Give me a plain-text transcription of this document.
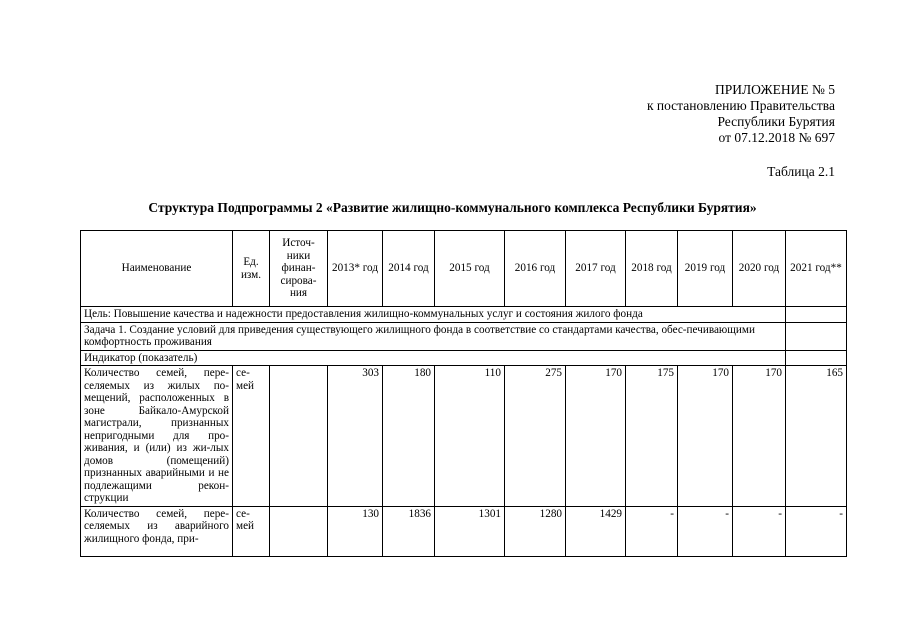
ПРИЛОЖЕНИЕ № 5
к постановлению Правительства
Республики Бурятия
от 07.12.2018 № 697
Таблица 2.1
Структура Подпрограммы 2 «Развитие жилищно-коммунального комплекса Республики Бурятия»
Наименование	Ед. изм.	Источ-ники финан-сирова-ния	2013* год	2014 год	2015 год	2016 год	2017 год	2018 год	2019 год	2020 год	2021 год**
Цель: Повышение качества и надежности предоставления жилищно-коммунальных услуг и состояния жилого фонда											
Задача 1. Создание условий для приведения существующего жилищного фонда в соответствие со стандартами качества, обес-печивающими комфортность проживания											
Индикатор (показатель)											
Количество семей, пере-селяемых из жилых по-мещений, расположенных в зоне Байкало-Амурской магистрали, признанных непригодными для про-живания, и (или) из жи-лых домов (помещений) признанных аварийными и не подлежащими рекон-струкции	се-мей		303	180	110	275	170	175	170	170	165
Количество семей, пере-селяемых из аварийного жилищного фонда, при-	се-мей		130	1836	1301	1280	1429	-	-	-	-
